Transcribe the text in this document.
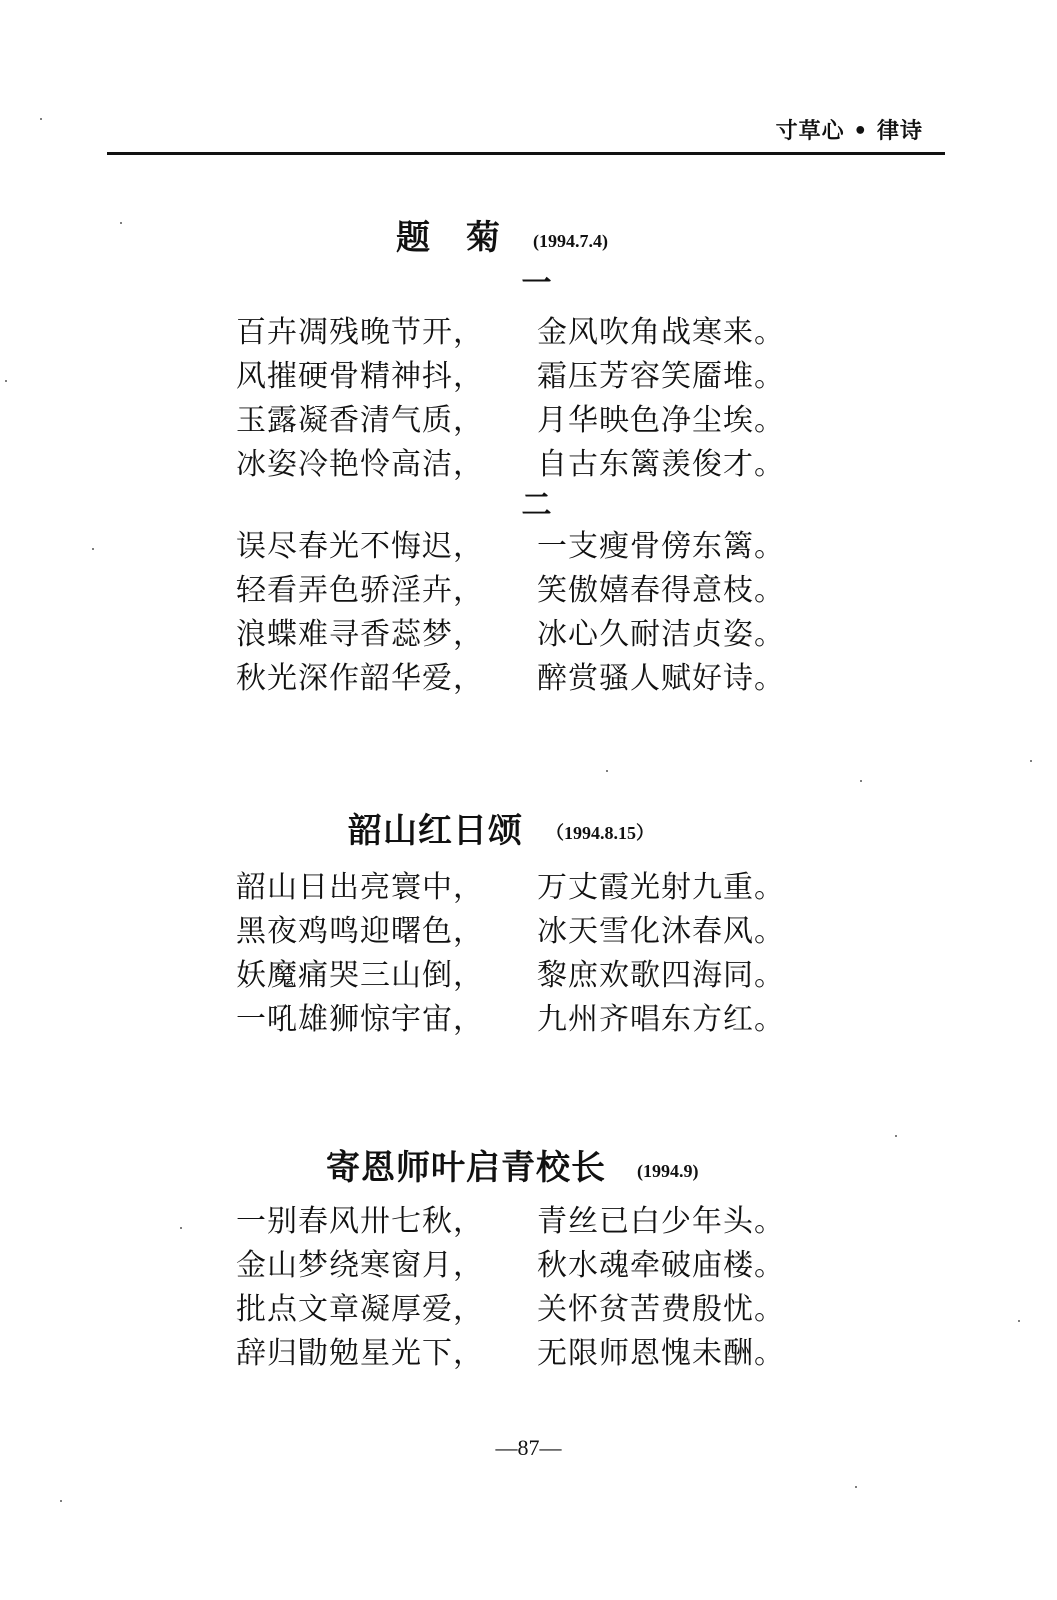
寸草心 • 律诗
题　菊 (1994.7.4)
一
百卉凋残晚节开， 金风吹角战寒来。
风摧硬骨精神抖， 霜压芳容笑靥堆。
玉露凝香清气质， 月华映色净尘埃。
冰姿冷艳怜高洁， 自古东篱羡俊才。
二
误尽春光不悔迟， 一支瘦骨傍东篱。
轻看弄色骄淫卉， 笑傲嬉春得意枝。
浪蝶难寻香蕊梦， 冰心久耐洁贞姿。
秋光深作韶华爱， 醉赏骚人赋好诗。
韶山红日颂 （1994.8.15）
韶山日出亮寰中， 万丈霞光射九重。
黑夜鸡鸣迎曙色， 冰天雪化沐春风。
妖魔痛哭三山倒， 黎庶欢歌四海同。
一吼雄狮惊宇宙， 九州齐唱东方红。
寄恩师叶启青校长 (1994.9)
一别春风卅七秋， 青丝已白少年头。
金山梦绕寒窗月， 秋水魂牵破庙楼。
批点文章凝厚爱， 关怀贫苦费殷忧。
辞归勖勉星光下， 无限师恩愧未酬。
—87—
